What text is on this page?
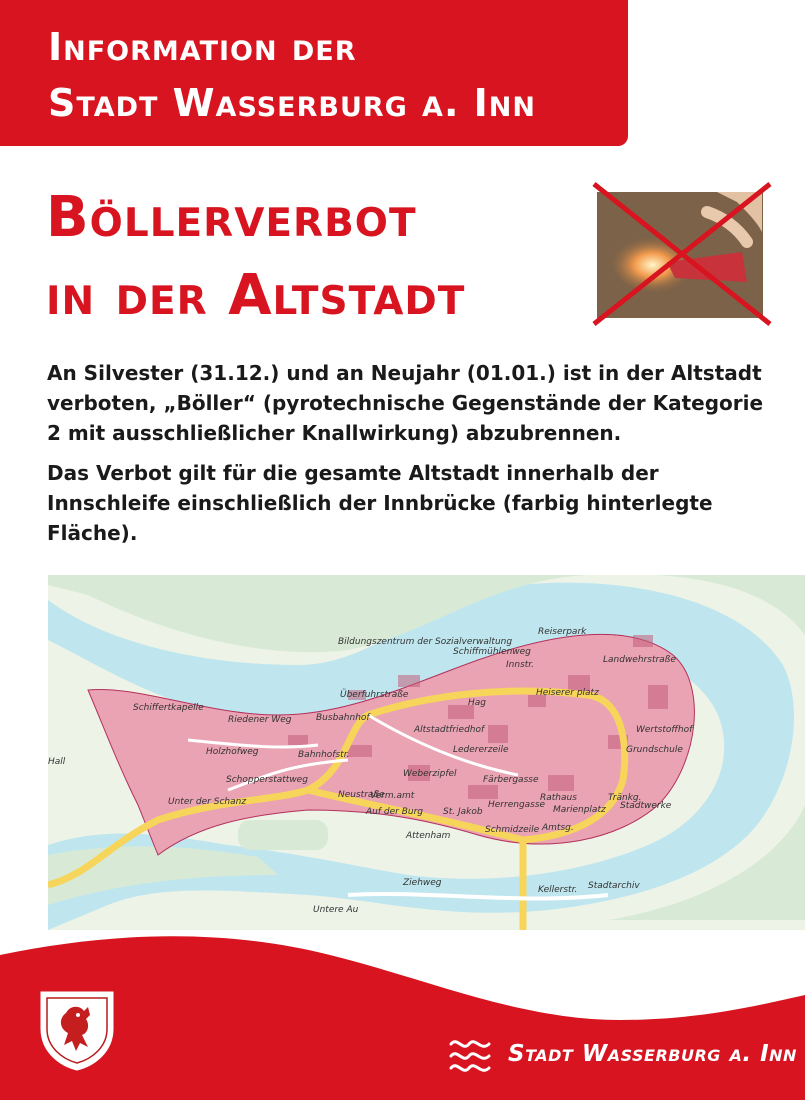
Information der
Stadt Wasserburg a. Inn
Böllerverbot
in der Altstadt

An Silvester (31.12.) und an Neujahr (01.01.) ist in der Altstadt verboten, „Böller“ (pyrotechnische Gegenstände der Kategorie 2 mit ausschließlicher Knallwirkung) abzubrennen.

Das Verbot gilt für die gesamte Altstadt innerhalb der Innschleife einschließlich der Innbrücke (farbig hinterlegte Fläche).

Bildungszentrum der Sozialverwaltung
Schiffmühlenweg
Reiserpark
Landwehrstraße
Innstr.
Schiffertkapelle
Riedener Weg	Busbahnhof
Überfuhrstraße
Hag
Heiserer platz
Altstadtfriedhof
Holzhofweg
Schopperstattweg
Bahnhofstr.	Ledererzeile
Weberzipfel
Hall
Unter der Schanz
Neustraße
Auf der Burg
Färbergasse
Herrengasse Marienplatz
Rathaus	Tränkg.
Schmidzeile
Ziehweg
Kellerstr. Stadtarchiv
Stadtwerke
Wertstoffhof
Grundschule
St. Jakob
Amtsg.
Verm.amt
Attenham
Untere Au
Stadt Wasserburg a. Inn
